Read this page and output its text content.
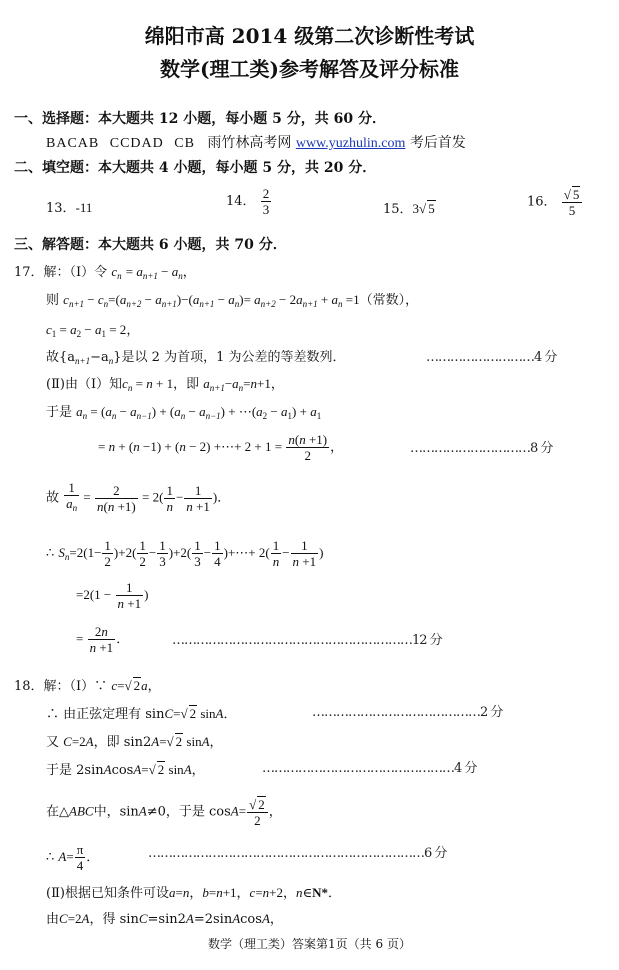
绵阳市高 2014 级第二次诊断性考试
数学(理工类)参考解答及评分标准
一、选择题：本大题共 12 小题，每小题 5 分，共 60 分．
BACAB CCDAD CB 雨竹林高考网 www.yuzhulin.com 考后首发
二、填空题：本大题共 4 小题，每小题 5 分，共 20 分．
13．-11	14． $\frac{2}{3}$	15．3√ 5	16． $\frac{√ 5}{5}$
三、解答题：本大题共 6 小题，共 70 分．
17．解：（Ⅰ）令 $c_n = a_{n+1} - a_n$，
则 $c_{n+1} - c_n=(a_{n+2} - a_{n+1})-(a_{n+1} - a_n)= a_{n+2} - 2a_{n+1} + a_n =1$（常数），
$c_1 = a_2 - a_1 = 2$，
故$\{a_{n+1}-a_n\}$是以 2 为首项，1 为公差的等差数列．	………………………4 分
(Ⅱ)由（Ⅰ）知$c_n = n + 1$，即 $a_{n+1}-a_n=n+1$，
于是 $a_n = (a_n - a_{n-1}) + (a_n - a_{n-1})$ + $\cdots(a_2 - a_1) + a_1$
= n + (n −1) + (n − 2) +⋯+ $2 + 1 = \frac{n(n +1)}{2}$ ，	…………………………8 分
故 $\frac{1}{a_n} = \frac{2}{n(n +1)} = 2( \frac{1}{n} - \frac{1}{n +1}$ )．
∴ $S_n=2(1- \frac{1}{2} )+2( \frac{1}{2} - \frac{1}{3} )+2( \frac{1}{3} - \frac{1}{4}$ )+⋯+ $2( \frac{1}{n} - \frac{1}{n +1}$ )
$=2(1 - \frac{1}{n +1}$ )
= $\frac{2n}{n +1}$ ．	……………………………………………………12 分
18．解：（Ⅰ）∵ c=√ 2a，
∴ 由正弦定理有 sinC=√ 2 sinA．	……………………………………2 分
又 C=2A，即 sin2A=√ 2 sinA，
于是 2sinAcosA=√ 2 sinA，	…………………………………………4 分
在△ABC中，sinA≠0，于是 $\cos A= \frac{√ 2}{2}$ ，
∴ $A= \frac{\pi}{4}$ ．	……………………………………………………………6 分
(Ⅱ)根据已知条件可设a=n，b=n+1，c=n+2，n∈N*．
由C=2A，得 sinC=sin2A=2sinAcosA，
数学（理工类）答案第1页（共 6 页）
